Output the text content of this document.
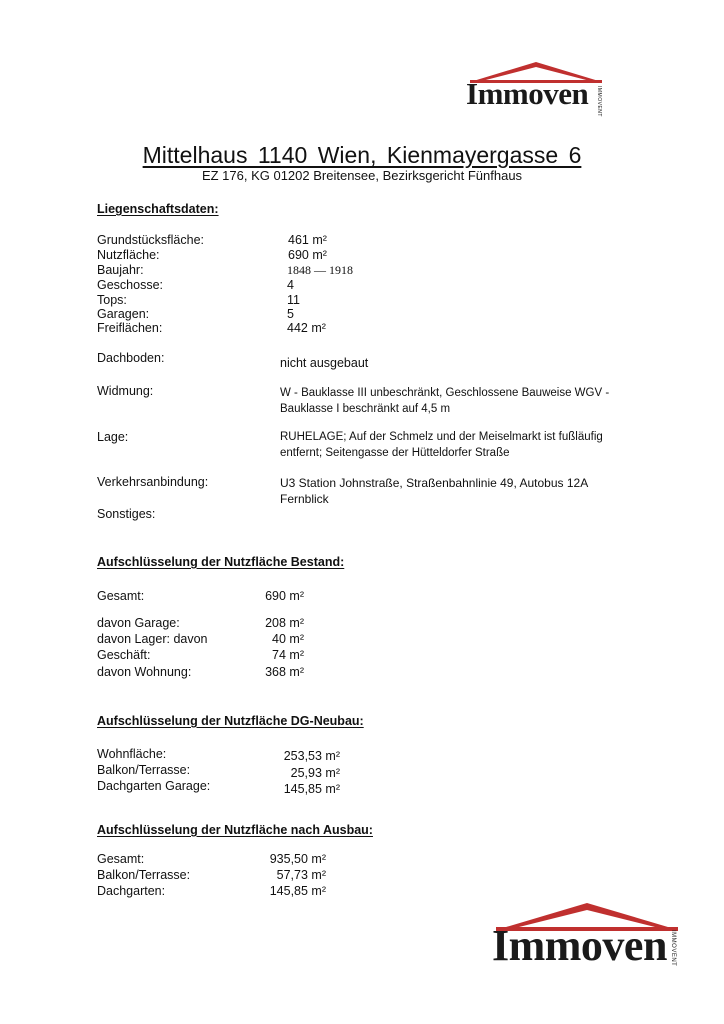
Immoven IMMOVENT
Mittelhaus 1140 Wien, Kienmayergasse 6
EZ 176, KG 01202 Breitensee, Bezirksgericht Fünfhaus
Liegenschaftsdaten:
Grundstücksfläche:	461 m²
Nutzfläche:	690 m²
Baujahr:	1848 — 1918
Geschosse:	4
Tops:	11
Garagen:	5
Freiflächen:	442 m²
Dachboden:	nicht ausgebaut
Widmung:	W - Bauklasse III unbeschränkt, Geschlossene Bauweise WGV - Bauklasse I beschränkt auf 4,5 m
Lage:	RUHELAGE; Auf der Schmelz und der Meiselmarkt ist fußläufig entfernt; Seitengasse der Hütteldorfer Straße
Verkehrsanbindung:	U3 Station Johnstraße, Straßenbahnlinie 49, Autobus 12A Fernblick
Sonstiges:
Aufschlüsselung der Nutzfläche Bestand:
Gesamt:	690 m²
davon Garage:	208 m²
davon Lager: davon	40 m²
Geschäft:	74 m²
davon Wohnung:	368 m²
Aufschlüsselung der Nutzfläche DG-Neubau:
Wohnfläche:	253,53 m²
Balkon/Terrasse:	25,93 m²
Dachgarten Garage:	145,85 m²
Aufschlüsselung der Nutzfläche nach Ausbau:
Gesamt:	935,50 m²
Balkon/Terrasse:	57,73 m²
Dachgarten:	145,85 m²
Immoven IMMOVENT
